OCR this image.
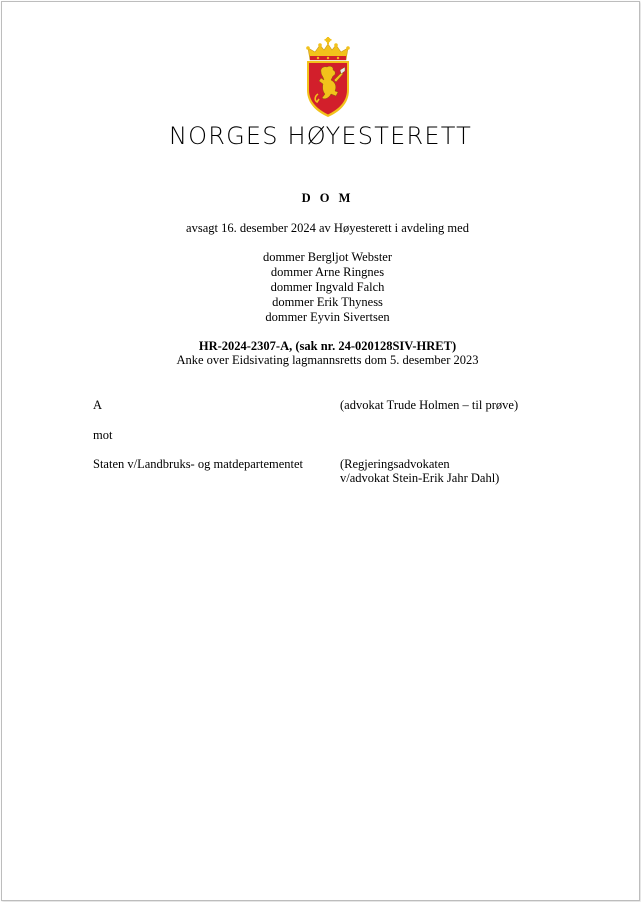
NORGES HØYESTERETT
D O M
avsagt 16. desember 2024 av Høyesterett i avdeling med
dommer Bergljot Webster
dommer Arne Ringnes
dommer Ingvald Falch
dommer Erik Thyness
dommer Eyvin Sivertsen
HR-2024-2307-A, (sak nr. 24-020128SIV-HRET)
Anke over Eidsivating lagmannsretts dom 5. desember 2023
A	(advokat Trude Holmen – til prøve)
mot
Staten v/Landbruks- og matdepartementet	(Regjeringsadvokaten
v/advokat Stein-Erik Jahr Dahl)
